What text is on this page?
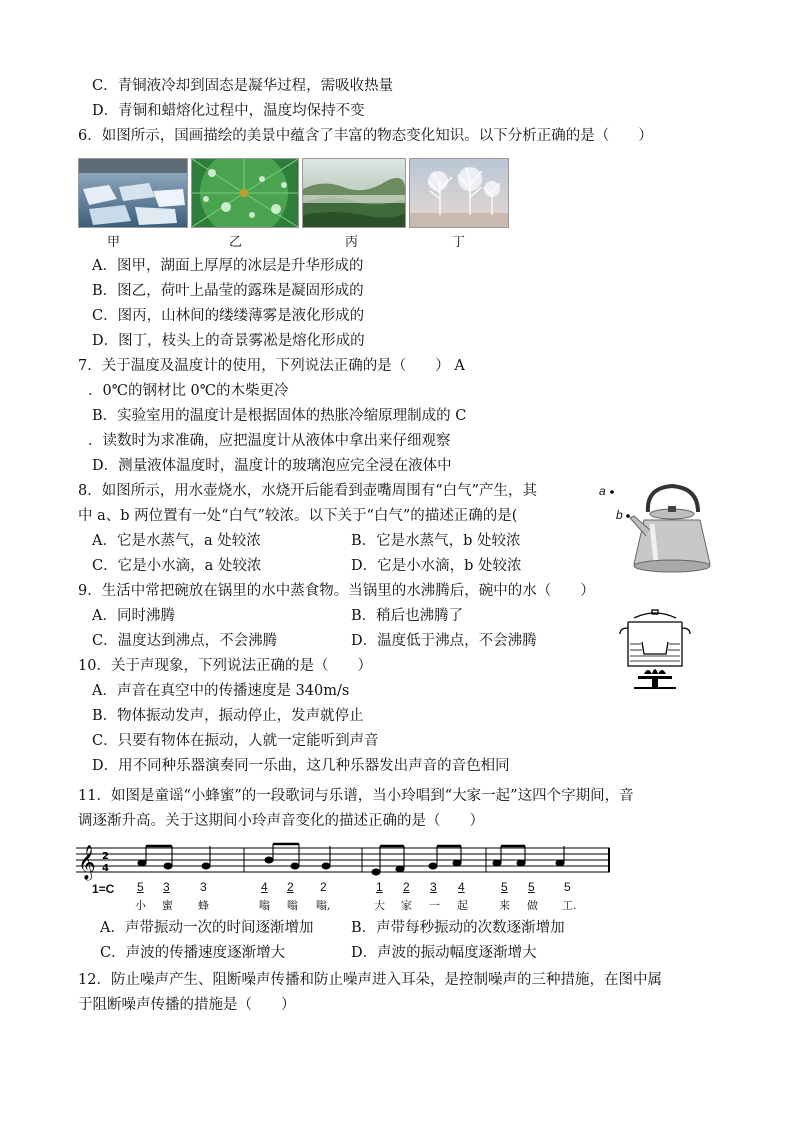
C．青铜液冷却到固态是凝华过程，需吸收热量
D．青铜和蜡熔化过程中，温度均保持不变
6．如图所示，国画描绘的美景中蕴含了丰富的物态变化知识。以下分析正确的是（　　）
甲	乙	丙	丁
A．图甲，湖面上厚厚的冰层是升华形成的
B．图乙，荷叶上晶莹的露珠是凝固形成的
C．图丙，山林间的缕缕薄雾是液化形成的
D．图丁，枝头上的奇景雾凇是熔化形成的
7．关于温度及温度计的使用，下列说法正确的是（　　） A
．0℃的钢材比 0℃的木柴更冷
B．实验室用的温度计是根据固体的热胀冷缩原理制成的 C
．读数时为求准确，应把温度计从液体中拿出来仔细观察
D．测量液体温度时，温度计的玻璃泡应完全浸在液体中
8．如图所示，用水壶烧水，水烧开后能看到壶嘴周围有“白气”产生，其
中 a、b 两位置有一处“白气”较浓。以下关于“白气”的描述正确的是(
A．它是水蒸气，a 处较浓	B．它是水蒸气，b 处较浓
C．它是小水滴，a 处较浓	D．它是小水滴，b 处较浓
a
b
9．生活中常把碗放在锅里的水中蒸食物。当锅里的水沸腾后，碗中的水（　　）
A．同时沸腾	B．稍后也沸腾了
C．温度达到沸点，不会沸腾	D．温度低于沸点，不会沸腾
10．关于声现象，下列说法正确的是（　　）
A．声音在真空中的传播速度是 340m/s
B．物体振动发声，振动停止，发声就停止
C．只要有物体在振动，人就一定能听到声音
D．用不同种乐器演奏同一乐曲，这几种乐器发出声音的音色相同
11．如图是童谣“小蜂蜜”的一段歌词与乐谱，当小玲唱到“大家一起”这四个字期间，音
调逐渐升高。关于这期间小玲声音变化的描述正确的是（　　）
𝄞 2
4
1=C 5 3	3	4 2 2	1 2 3 4	5 5 5
小 蜜 蜂	嗡 嗡 嗡,	大 家 一 起	来 做 工.
A．声带振动一次的时间逐渐增加	B．声带每秒振动的次数逐渐增加
C．声波的传播速度逐渐增大	D．声波的振动幅度逐渐增大
12．防止噪声产生、阻断噪声传播和防止噪声进入耳朵，是控制噪声的三种措施，在图中属
于阻断噪声传播的措施是（　　）
